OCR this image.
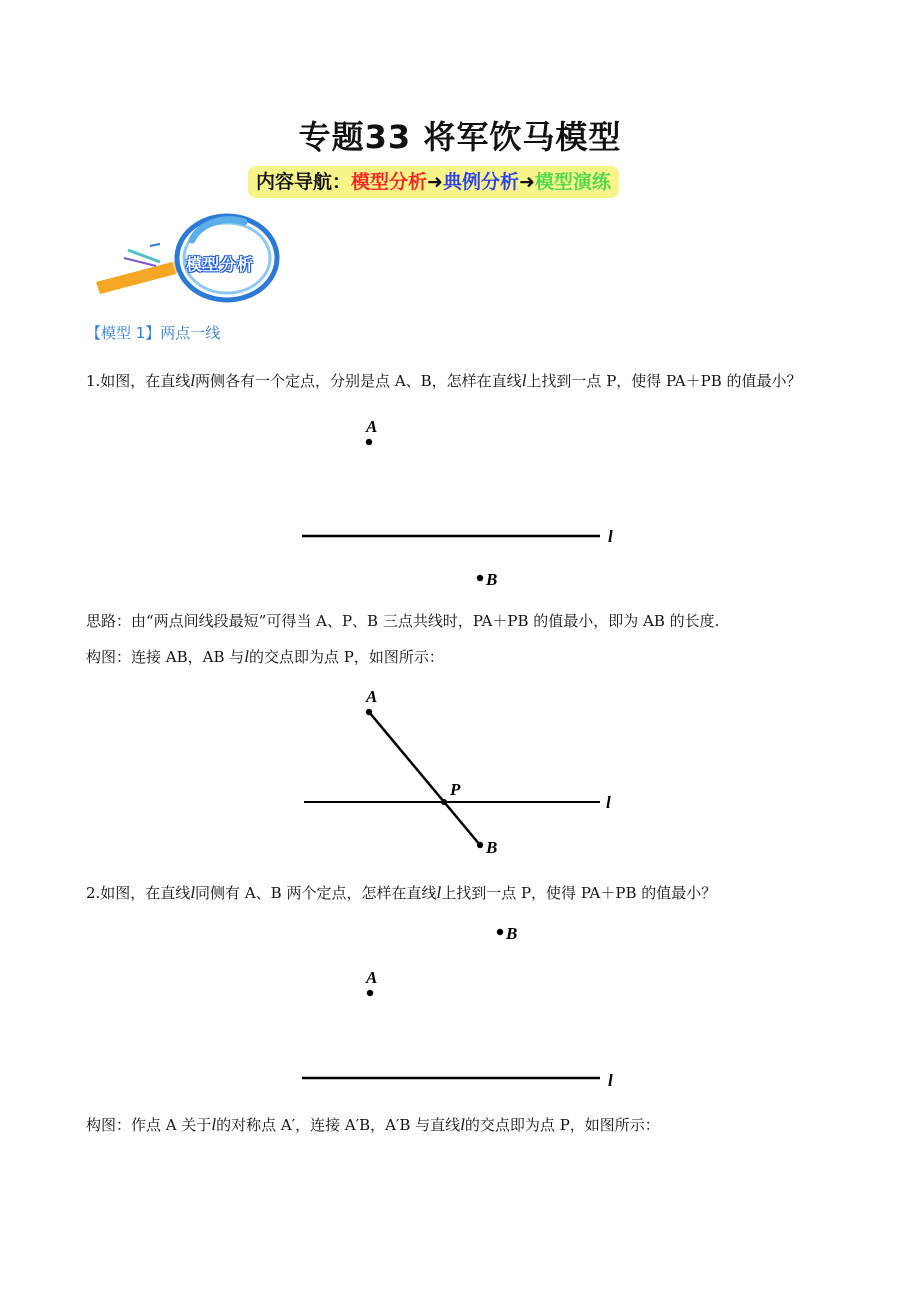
专题33 将军饮马模型
内容导航：模型分析➜典例分析➜模型演练
模型分析
【模型 1】两点一线
1.如图，在直线l两侧各有一个定点，分别是点 A、B，怎样在直线l上找到一点 P，使得 PA＋PB 的值最小？
A
l
B
思路：由“两点间线段最短”可得当 A、P、B 三点共线时，PA＋PB 的值最小，即为 AB 的长度.
构图：连接 AB，AB 与l的交点即为点 P，如图所示：
A
l
P
B
2.如图，在直线l同侧有 A、B 两个定点，怎样在直线l上找到一点 P，使得 PA＋PB 的值最小？
B
A
l
构图：作点 A 关于l的对称点 A′，连接 A′B，A′B 与直线l的交点即为点 P，如图所示：
